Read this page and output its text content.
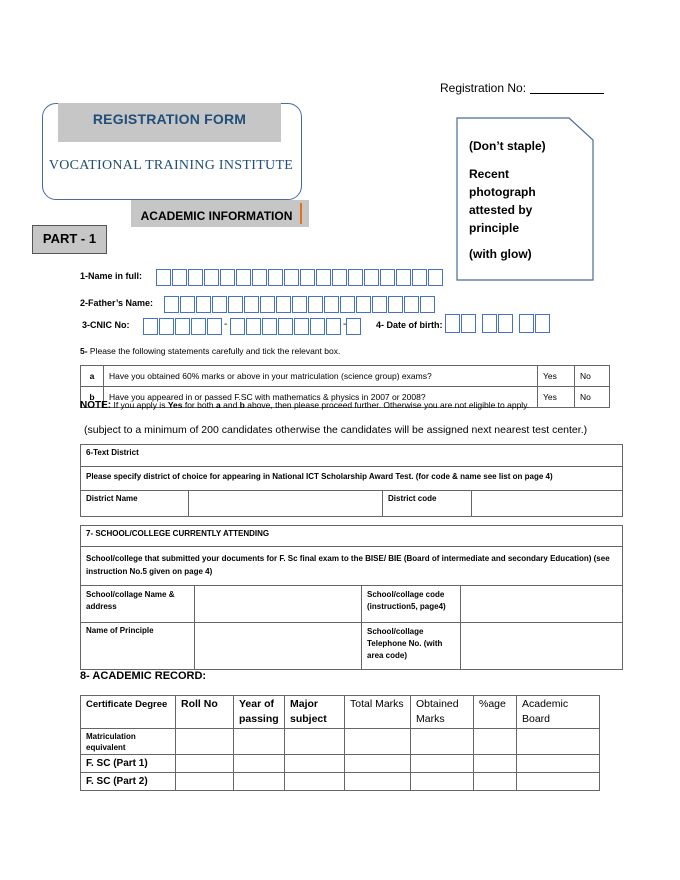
Registration No:
REGISTRATION FORM
VOCATIONAL TRAINING INSTITUTE
ACADEMIC INFORMATION
PART - 1
(Don’t staple)
Recent
photograph
attested by
principle
(with glow)
1-Name in full:
2-Father’s Name:
3-CNIC No:	-	-	4- Date of birth:
5- Please the following statements carefully and tick the relevant box.
a	Have you obtained 60% marks or above in your matriculation (science group) exams?	Yes	No
b	Have you appeared in or passed F.SC with mathematics & physics in 2007 or 2008?	Yes	No
NOTE: If you apply is Yes for both a and b above, then please proceed further. Otherwise you are not eligible to apply.
(subject to a minimum of 200 candidates otherwise the candidates will be assigned next nearest test center.)
6-Text District
Please specify district of choice for appearing in National ICT Scholarship Award Test. (for code & name see list on page 4)
District Name		District code	
7- SCHOOL/COLLEGE CURRENTLY ATTENDING			
School/college that submitted your documents for F. Sc final exam to the BISE/ BIE (Board of intermediate and secondary Education) (see instruction No.5 given on page 4)			
School/collage Name & address		School/collage code (instruction5, page4)	
Name of Principle		School/collage Telephone No. (with area code)	
8- ACADEMIC RECORD:
Certificate Degree	Roll No	Year of passing	Major subject	Total Marks	Obtained Marks	%age	Academic Board
Matriculation equivalent							
F. SC (Part 1)							
F. SC (Part 2)							
